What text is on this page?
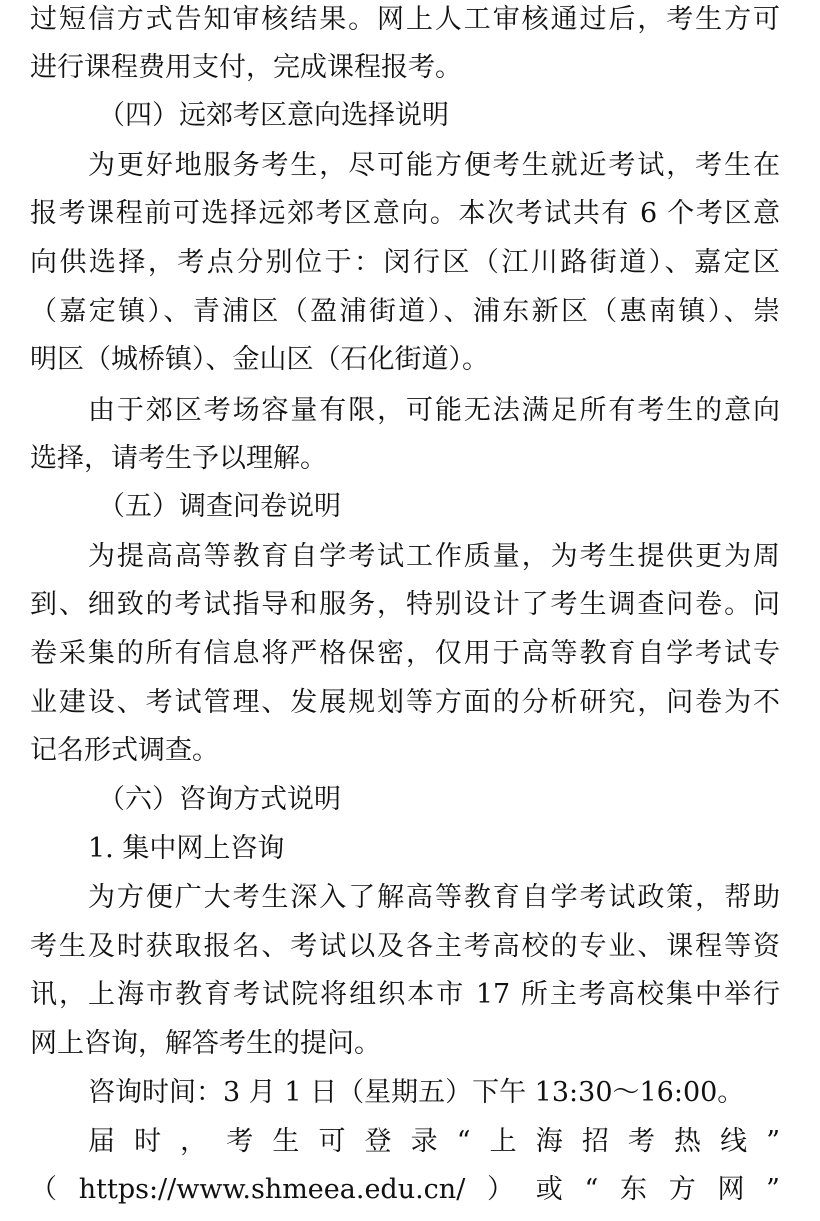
过短信方式告知审核结果。网上人工审核通过后，考生方可
进行课程费用支付，完成课程报考。
（四）远郊考区意向选择说明
为更好地服务考生，尽可能方便考生就近考试，考生在
报考课程前可选择远郊考区意向。本次考试共有 6 个考区意
向供选择，考点分别位于：闵行区（江川路街道）、嘉定区
（嘉定镇）、青浦区（盈浦街道）、浦东新区（惠南镇）、崇
明区（城桥镇）、金山区（石化街道）。
由于郊区考场容量有限，可能无法满足所有考生的意向
选择，请考生予以理解。
（五）调查问卷说明
为提高高等教育自学考试工作质量，为考生提供更为周
到、细致的考试指导和服务，特别设计了考生调查问卷。问
卷采集的所有信息将严格保密，仅用于高等教育自学考试专
业建设、考试管理、发展规划等方面的分析研究，问卷为不
记名形式调查。
（六）咨询方式说明
1. 集中网上咨询
为方便广大考生深入了解高等教育自学考试政策，帮助
考生及时获取报名、考试以及各主考高校的专业、课程等资
讯，上海市教育考试院将组织本市 17 所主考高校集中举行
网上咨询，解答考生的提问。
咨询时间：3 月 1 日（星期五）下午 13:30～16:00。
届时，考生可登录“上海招考热线”
（https://www.shmeea.edu.cn/）或“东方网”
